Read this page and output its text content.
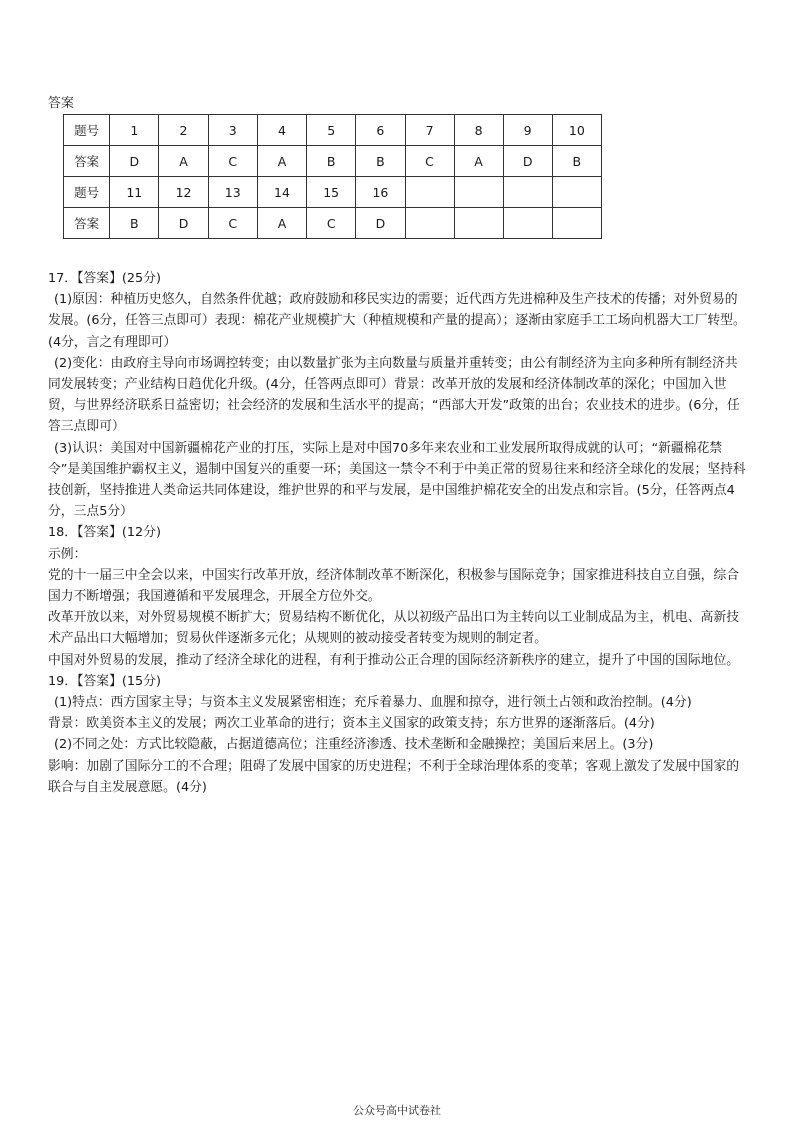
答案
题号	1	2	3	4	5	6	7	8	9	10
答案	D	A	C	A	B	B	C	A	D	B
题号	11	12	13	14	15	16				
答案	B	D	C	A	C	D				

17．【答案】(25分)

(1)原因：种植历史悠久，自然条件优越；政府鼓励和移民实边的需要；近代西方先进棉种及生产技术的传播；对外贸易的发展。(6分，任答三点即可）表现：棉花产业规模扩大（种植规模和产量的提高）；逐渐由家庭手工工场向机器大工厂转型。(4分，言之有理即可）

(2)变化：由政府主导向市场调控转变；由以数量扩张为主向数量与质量并重转变；由公有制经济为主向多种所有制经济共同发展转变；产业结构日趋优化升级。(4分，任答两点即可）背景：改革开放的发展和经济体制改革的深化；中国加入世贸，与世界经济联系日益密切；社会经济的发展和生活水平的提高；“西部大开发”政策的出台；农业技术的进步。(6分，任答三点即可）

(3)认识：美国对中国新疆棉花产业的打压，实际上是对中国70多年来农业和工业发展所取得成就的认可；“新疆棉花禁令”是美国维护霸权主义，遏制中国复兴的重要一环；美国这一禁令不利于中美正常的贸易往来和经济全球化的发展；坚持科技创新，坚持推进人类命运共同体建设，维护世界的和平与发展，是中国维护棉花安全的出发点和宗旨。(5分，任答两点4分，三点5分）

18．【答案】(12分)

示例：

党的十一届三中全会以来，中国实行改革开放，经济体制改革不断深化，积极参与国际竞争；国家推进科技自立自强，综合国力不断增强；我国遵循和平发展理念，开展全方位外交。

改革开放以来，对外贸易规模不断扩大；贸易结构不断优化，从以初级产品出口为主转向以工业制成品为主，机电、高新技术产品出口大幅增加；贸易伙伴逐渐多元化；从规则的被动接受者转变为规则的制定者。

中国对外贸易的发展，推动了经济全球化的进程，有利于推动公正合理的国际经济新秩序的建立，提升了中国的国际地位。

19．【答案】(15分)

(1)特点：西方国家主导；与资本主义发展紧密相连；充斥着暴力、血腥和掠夺，进行领土占领和政治控制。(4分)

背景：欧美资本主义的发展；两次工业革命的进行；资本主义国家的政策支持；东方世界的逐渐落后。(4分)

(2)不同之处：方式比较隐蔽，占据道德高位；注重经济渗透、技术垄断和金融操控；美国后来居上。(3分)

影响：加剧了国际分工的不合理；阻碍了发展中国家的历史进程；不利于全球治理体系的变革；客观上激发了发展中国家的联合与自主发展意愿。(4分)

公众号高中试卷社
